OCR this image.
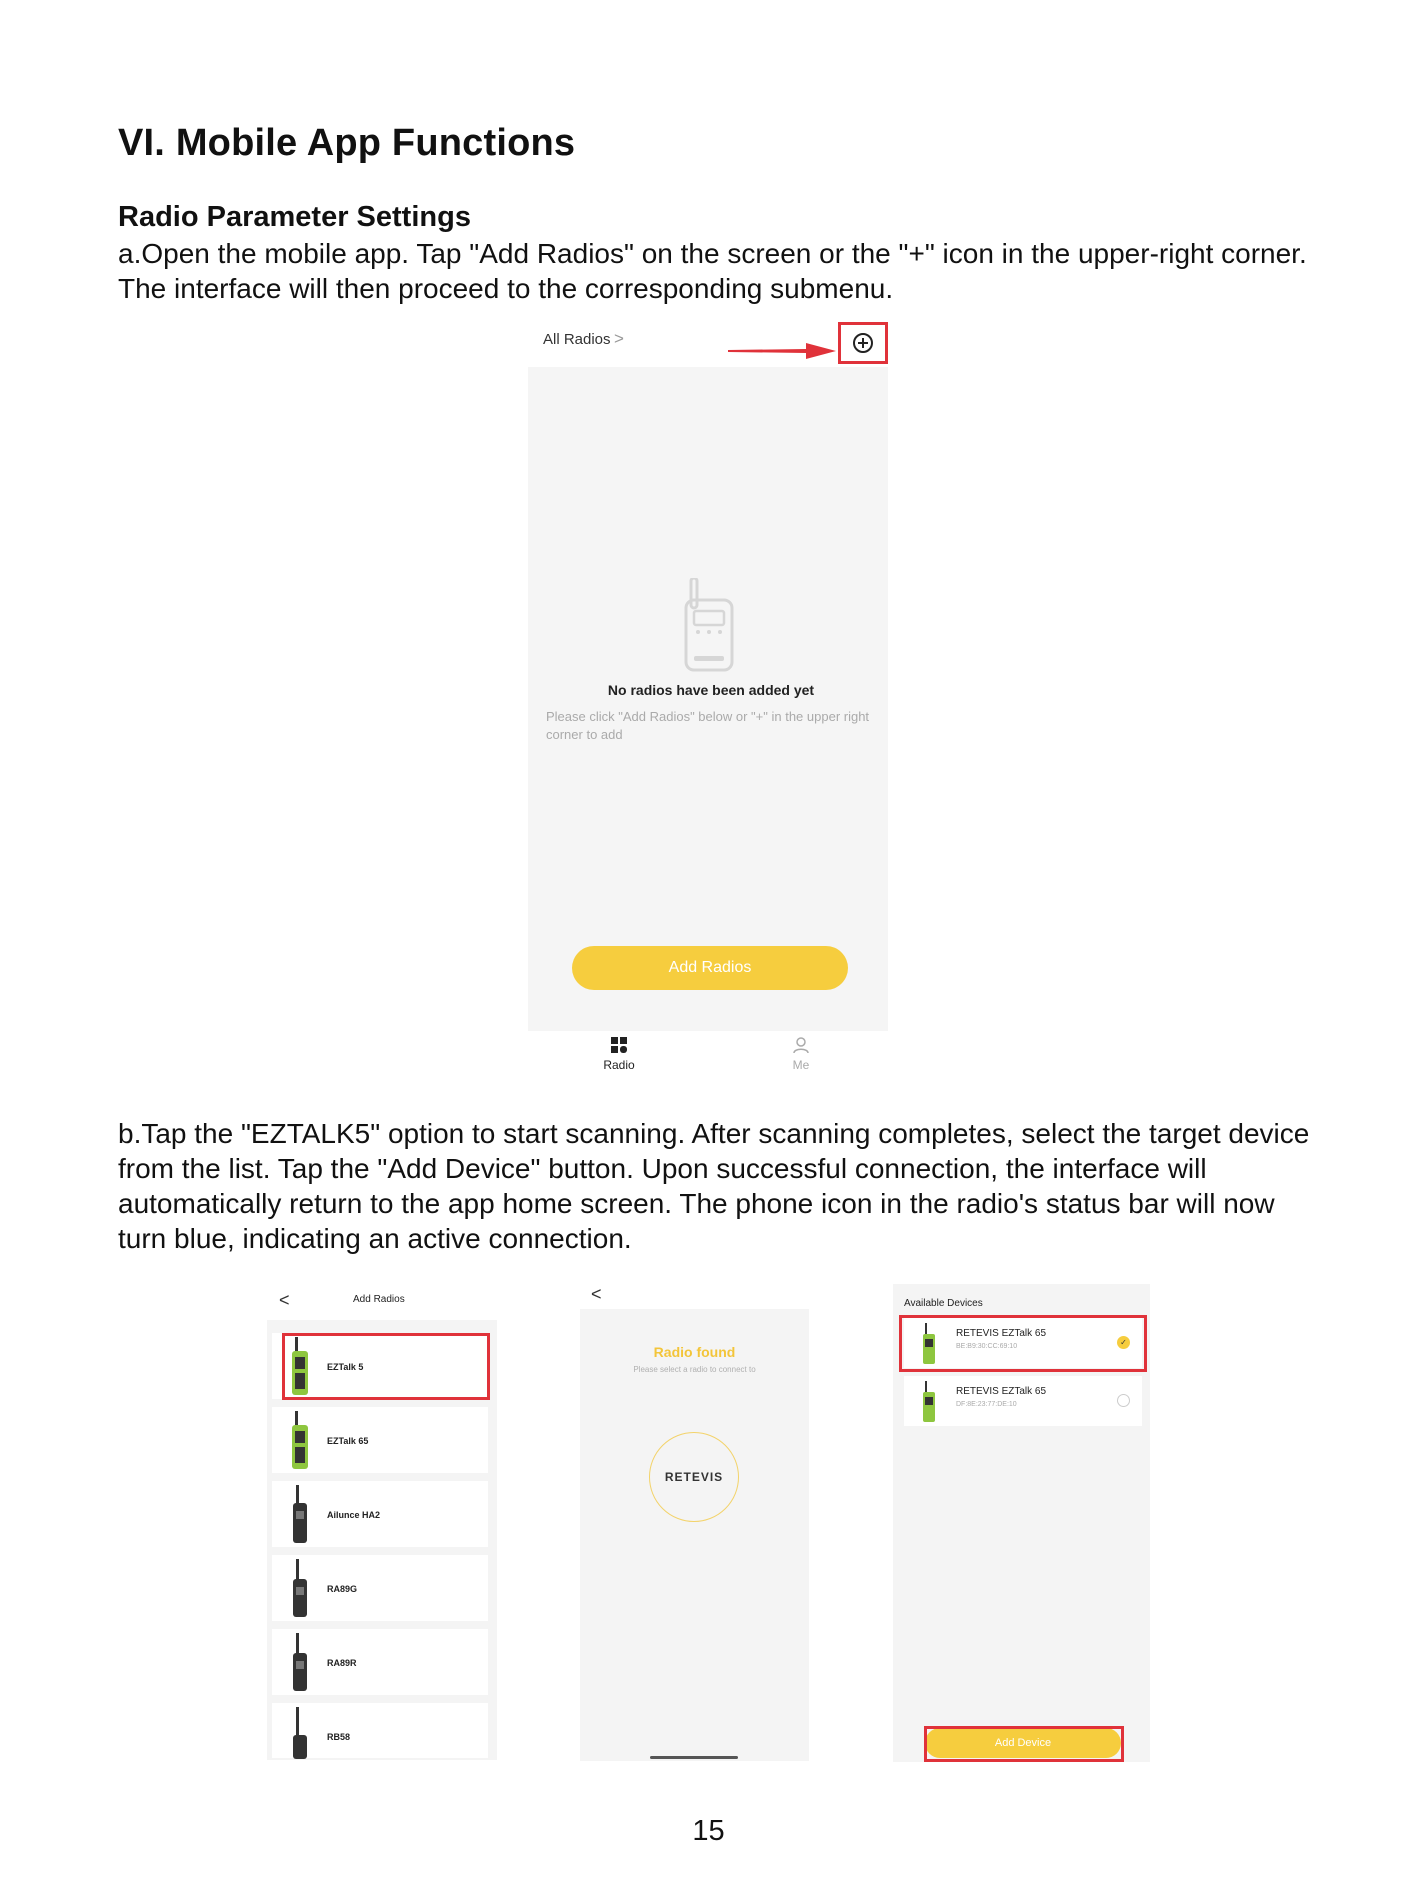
VI. Mobile App Functions
Radio Parameter Settings
a.Open the mobile app. Tap "Add Radios" on the screen or the "+" icon in the upper-right corner. The interface will then proceed to the corresponding submenu.
All Radios >
No radios have been added yet
Please click "Add Radios" below or "+" in the upper right corner to add
Add Radios
Radio	Me
b.Tap the "EZTALK5" option to start scanning. After scanning completes, select the target device from the list. Tap the "Add Device" button. Upon successful connection, the interface will automatically return to the app home screen. The phone icon in the radio's status bar will now turn blue, indicating an active connection.
<	Add Radios
EZTalk 5
EZTalk 65
Ailunce HA2
RA89G
RA89R
RB58
<
Radio found
Please select a radio to connect to
RETEVIS
Available Devices
RETEVIS EZTalk 65
BE:B9:30:CC:69:10	✓
RETEVIS EZTalk 65
DF:8E:23:77:DE:10
Add Device
15
